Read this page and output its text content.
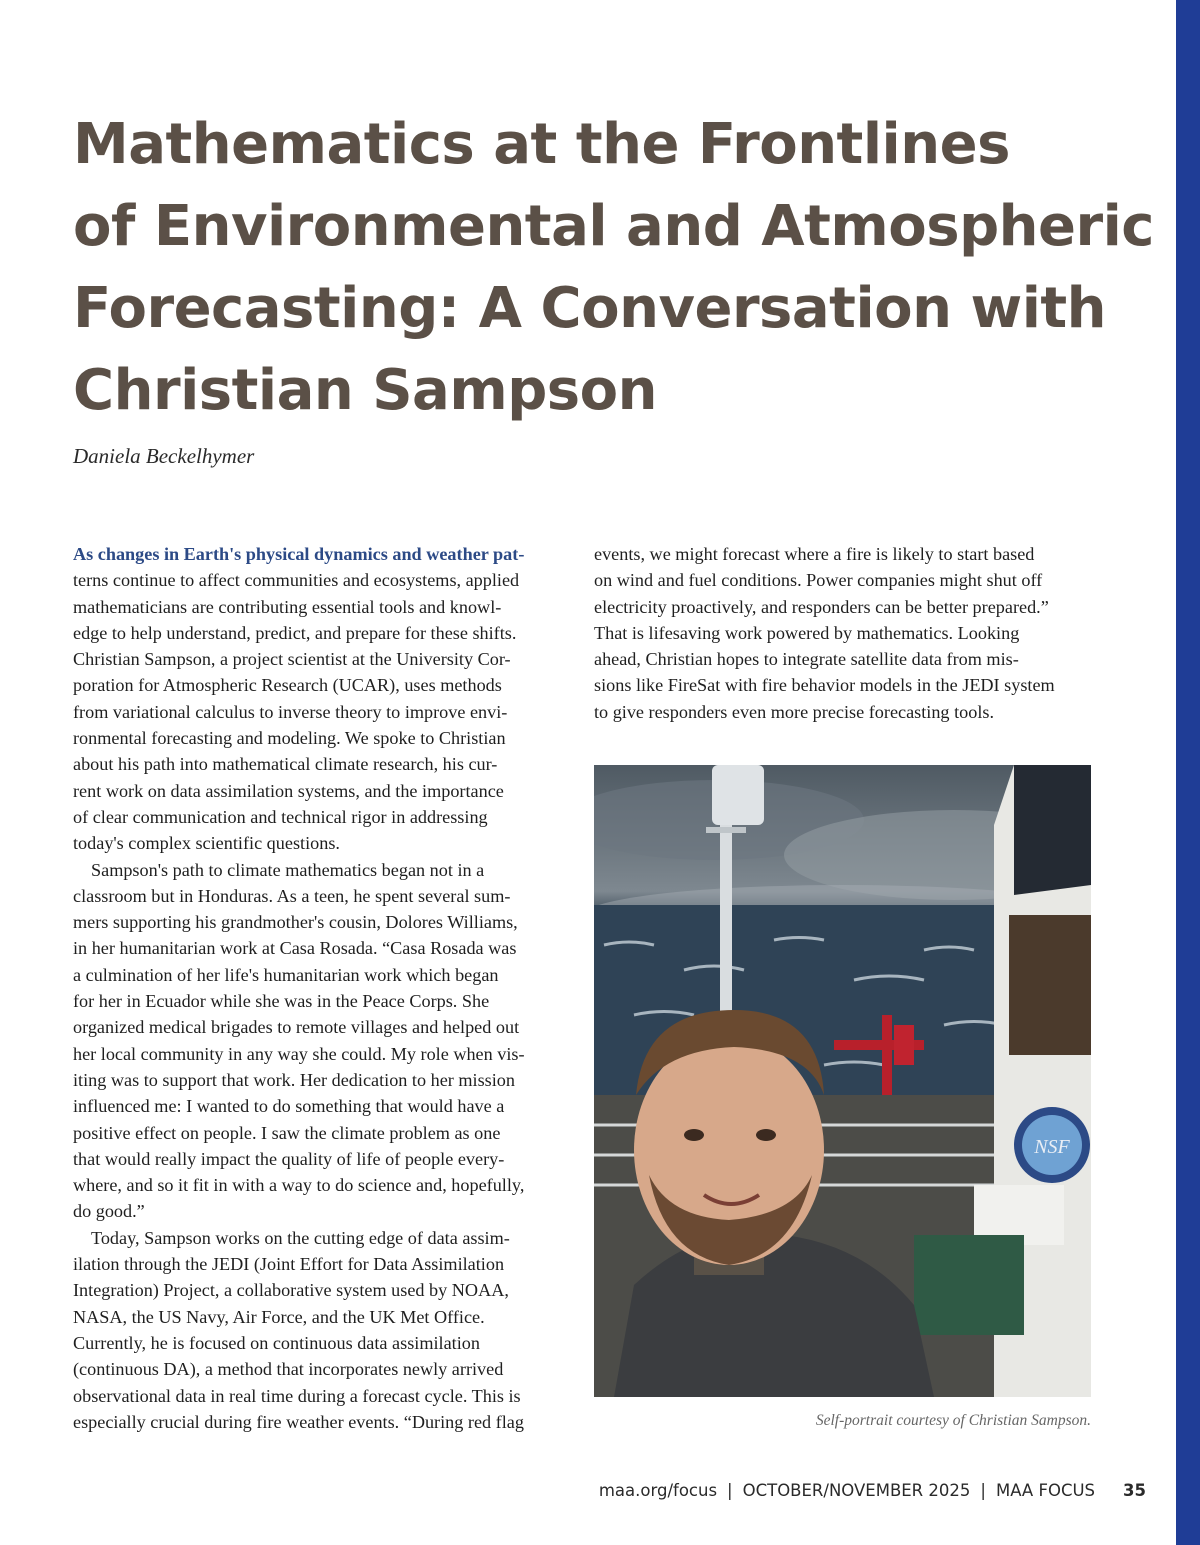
Mathematics at the Frontlines
of Environmental and Atmospheric
Forecasting: A Conversation with
Christian Sampson

Daniela Beckelhymer

As changes in Earth's physical dynamics and weather pat-
terns continue to affect communities and ecosystems, applied
mathematicians are contributing essential tools and knowl-
edge to help understand, predict, and prepare for these shifts.
Christian Sampson, a project scientist at the University Cor-
poration for Atmospheric Research (UCAR), uses methods
from variational calculus to inverse theory to improve envi-
ronmental forecasting and modeling. We spoke to Christian
about his path into mathematical climate research, his cur-
rent work on data assimilation systems, and the importance
of clear communication and technical rigor in addressing
today's complex scientific questions.
Sampson's path to climate mathematics began not in a
classroom but in Honduras. As a teen, he spent several sum-
mers supporting his grandmother's cousin, Dolores Williams,
in her humanitarian work at Casa Rosada. “Casa Rosada was
a culmination of her life's humanitarian work which began
for her in Ecuador while she was in the Peace Corps. She
organized medical brigades to remote villages and helped out
her local community in any way she could. My role when vis-
iting was to support that work. Her dedication to her mission
influenced me: I wanted to do something that would have a
positive effect on people. I saw the climate problem as one
that would really impact the quality of life of people every-
where, and so it fit in with a way to do science and, hopefully,
do good.”
Today, Sampson works on the cutting edge of data assim-
ilation through the JEDI (Joint Effort for Data Assimilation
Integration) Project, a collaborative system used by NOAA,
NASA, the US Navy, Air Force, and the UK Met Office.
Currently, he is focused on continuous data assimilation
(continuous DA), a method that incorporates newly arrived
observational data in real time during a forecast cycle. This is
especially crucial during fire weather events. “During red flag
events, we might forecast where a fire is likely to start based
on wind and fuel conditions. Power companies might shut off
electricity proactively, and responders can be better prepared.”
That is lifesaving work powered by mathematics. Looking
ahead, Christian hopes to integrate satellite data from mis-
sions like FireSat with fire behavior models in the JEDI system
to give responders even more precise forecasting tools.
NSF

Self-portrait courtesy of Christian Sampson.

maa.org/focus | OCTOBER/NOVEMBER 2025 | MAA FOCUS 35
